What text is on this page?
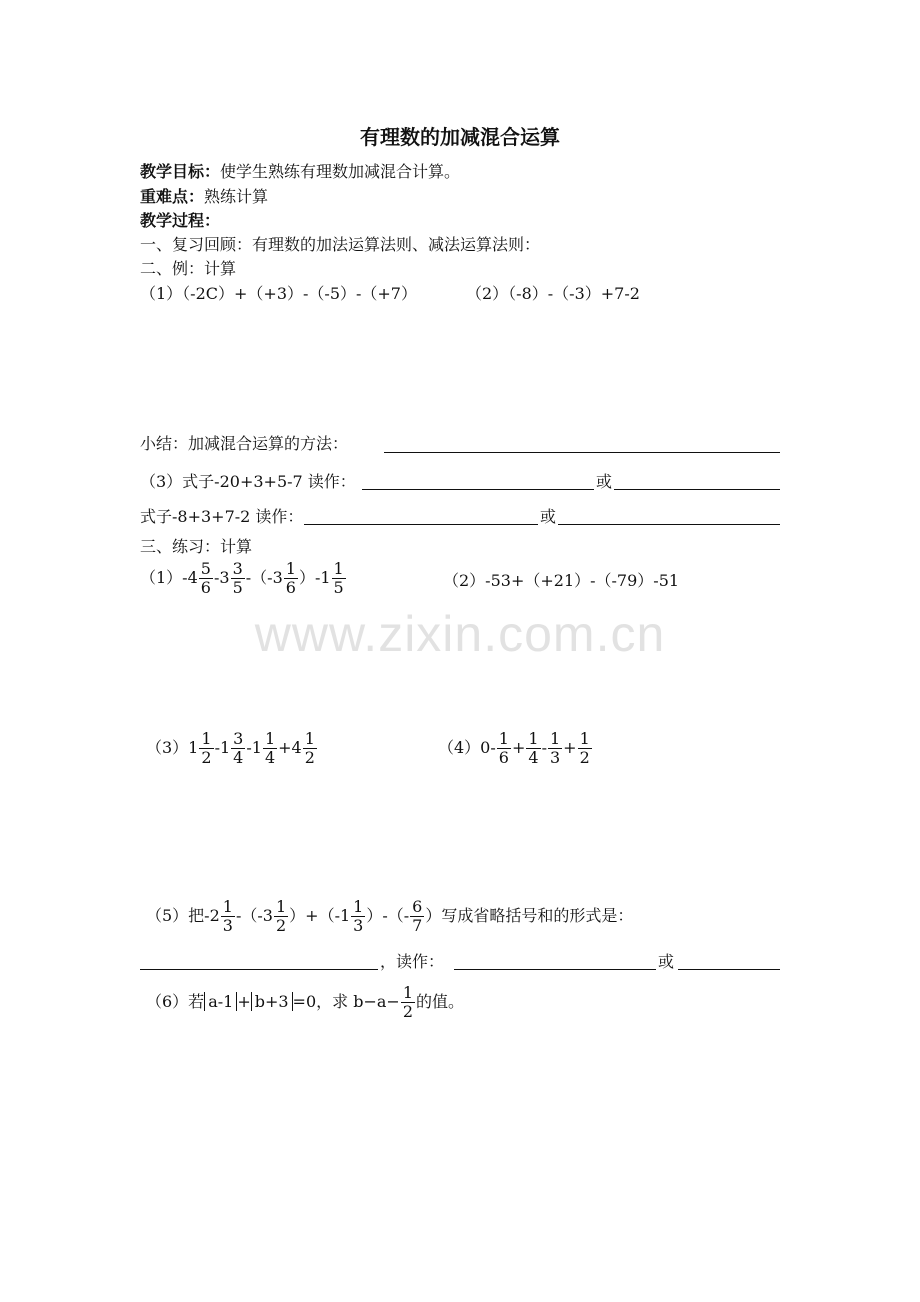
有理数的加减混合运算
教学目标：使学生熟练有理数加减混合计算。
重难点：熟练计算
教学过程：
一、复习回顾：有理数的加法运算法则、减法运算法则：
二、例：计算
（1）（-2C）+（+3）-（-5）-（+7）	（2）（-8）-（-3）+7-2
小结：加减混合运算的方法：
（3）式子-20+3+5-7 读作：	或
式子-8+3+7-2 读作：	或
三、练习：计算
$(1)-4 \frac{5}{6} -3 \frac{3}{5} -(-3 \frac{1}{6} )-1 \frac{1}{5}$	（2）-53+（+21）-（-79）-51
www.zixin.com.cn
$(3)1 \frac{1}{2} -1 \frac{3}{4} -1 \frac{1}{4} +4 \frac{1}{2}$	$(4)0- \frac{1}{6} + \frac{1}{4} - \frac{1}{3} + \frac{1}{2}$
（5）把$-2 \frac{1}{3} -(-3 \frac{1}{2} )+(-1 \frac{1}{3}$ ）-（- $\frac{6}{7}$ ）写成省略括号和的形式是：
，读作：	或
（6）若 a-1 + b+3 =0，求 $b-a- \frac{1}{2}$ 的值。
